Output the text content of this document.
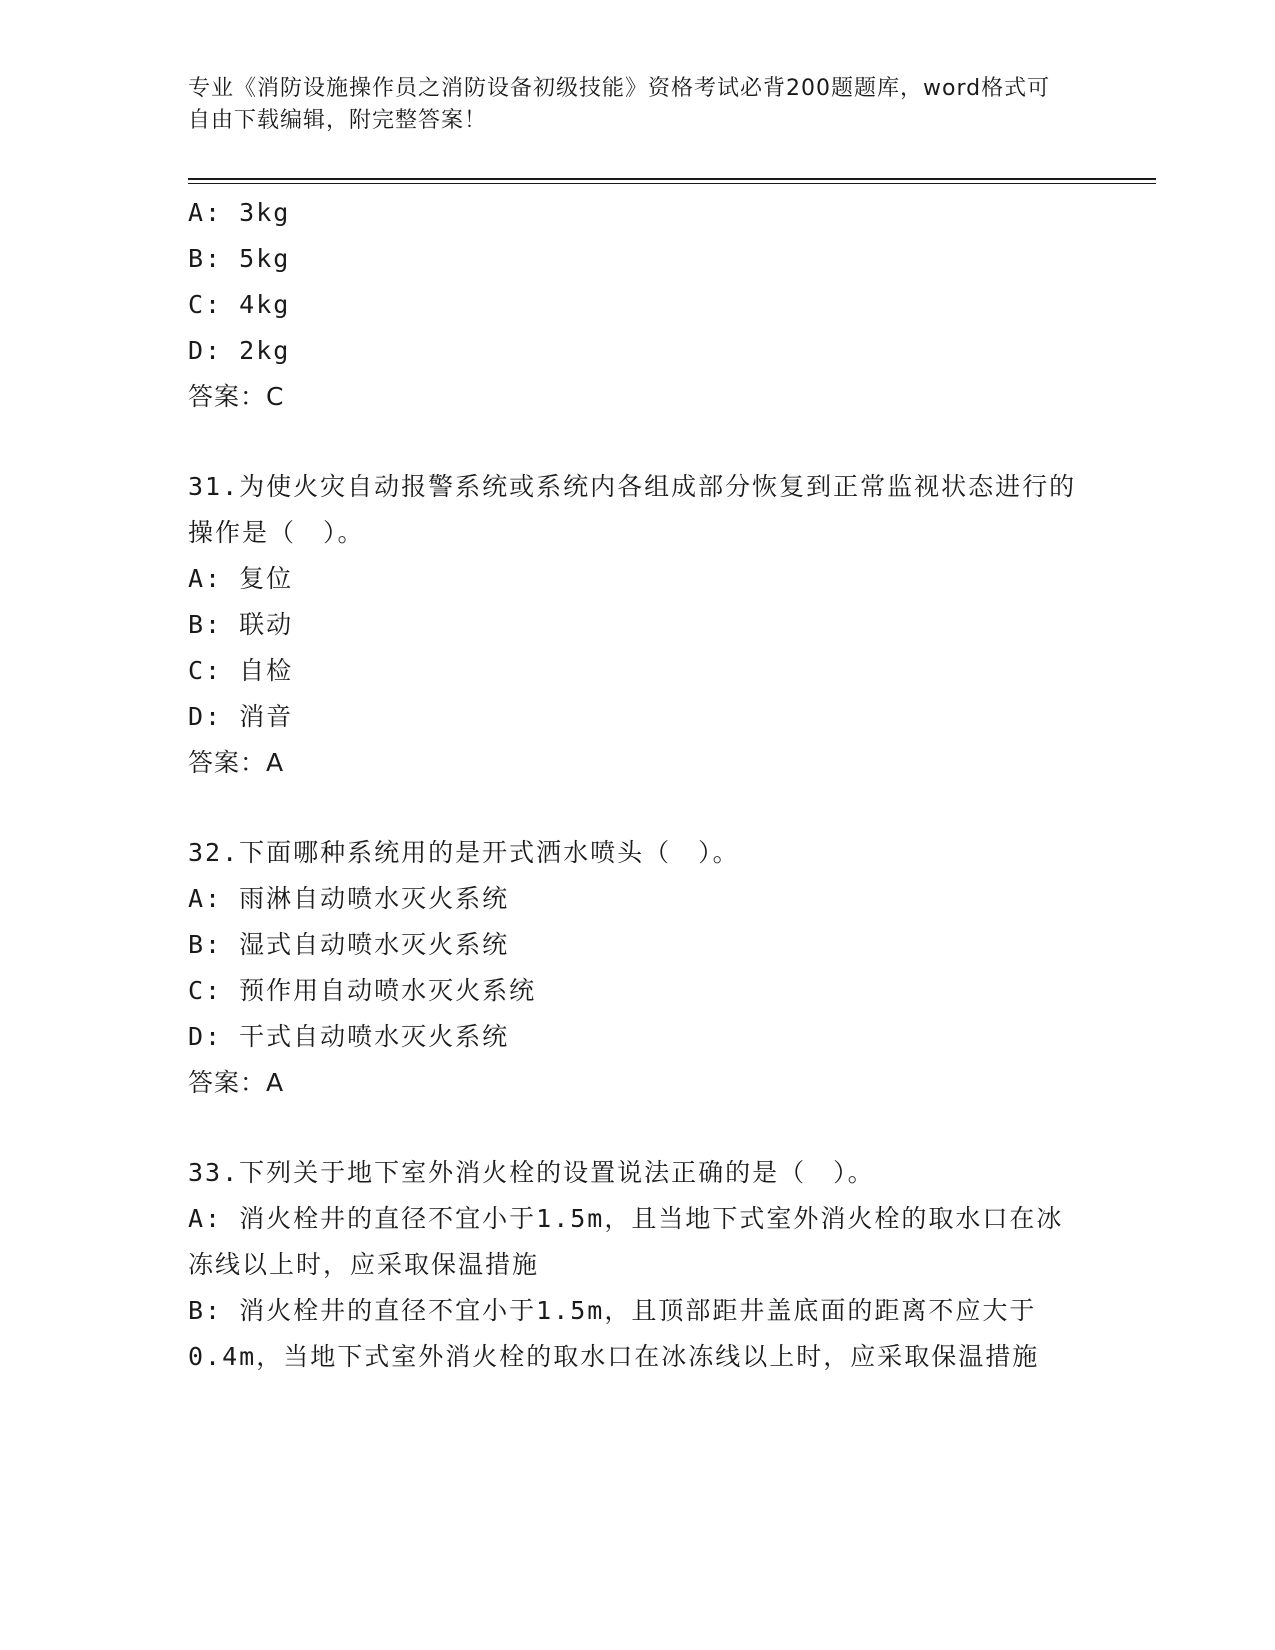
专业《消防设施操作员之消防设备初级技能》资格考试必背200题题库，word格式可自由下载编辑，附完整答案！
A: 3kg
B: 5kg
C: 4kg
D: 2kg
答案：C
31.为使火灾自动报警系统或系统内各组成部分恢复到正常监视状态进行的操作是（　）。
A: 复位
B: 联动
C: 自检
D: 消音
答案：A
32.下面哪种系统用的是开式洒水喷头（　）。
A: 雨淋自动喷水灭火系统
B: 湿式自动喷水灭火系统
C: 预作用自动喷水灭火系统
D: 干式自动喷水灭火系统
答案：A
33.下列关于地下室外消火栓的设置说法正确的是（　）。
A: 消火栓井的直径不宜小于1.5m，且当地下式室外消火栓的取水口在冰冻线以上时，应采取保温措施
B: 消火栓井的直径不宜小于1.5m，且顶部距井盖底面的距离不应大于0.4m，当地下式室外消火栓的取水口在冰冻线以上时，应采取保温措施
